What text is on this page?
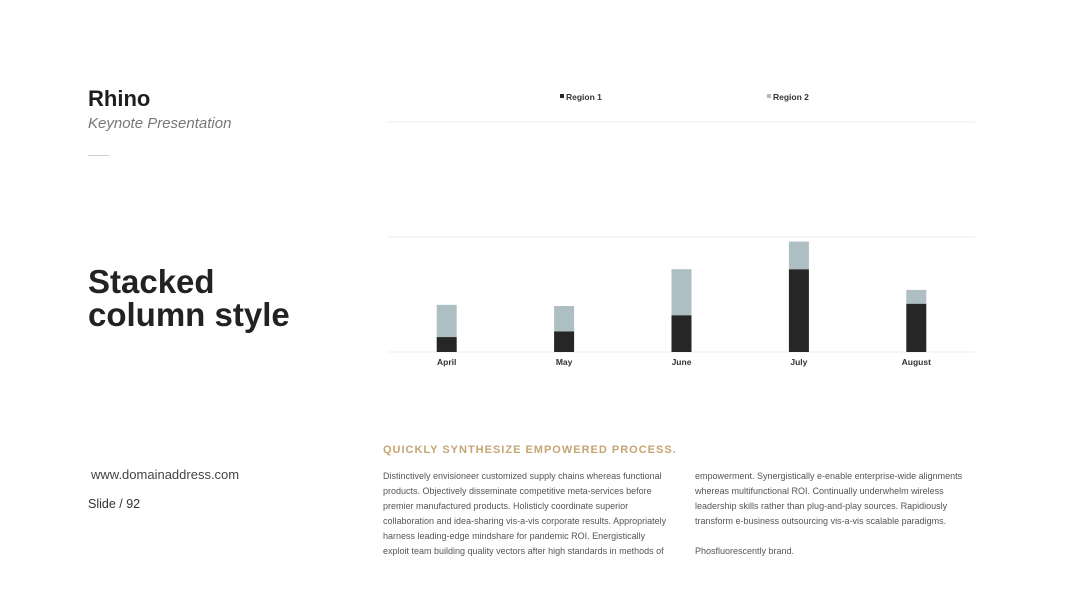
Rhino
Keynote Presentation
Stacked
column style
www.domainaddress.com
Slide / 92
Region 1	Region 2
April	May	June	July	August
QUICKLY SYNTHESIZE EMPOWERED PROCESS.

Distinctively envisioneer customized supply chains whereas functional products. Objectively disseminate competitive meta-services before premier manufactured products. Holisticly coordinate superior collaboration and idea-sharing vis-a-vis corporate results. Appropriately harness leading-edge mindshare for pandemic ROI. Energistically exploit team building quality vectors after high standards in methods of

empowerment. Synergistically e-enable enterprise-wide alignments whereas multifunctional ROI. Continually underwhelm wireless leadership skills rather than plug-and-play sources. Rapidiously transform e-business outsourcing vis-a-vis scalable paradigms.

Phosfluorescently brand.
